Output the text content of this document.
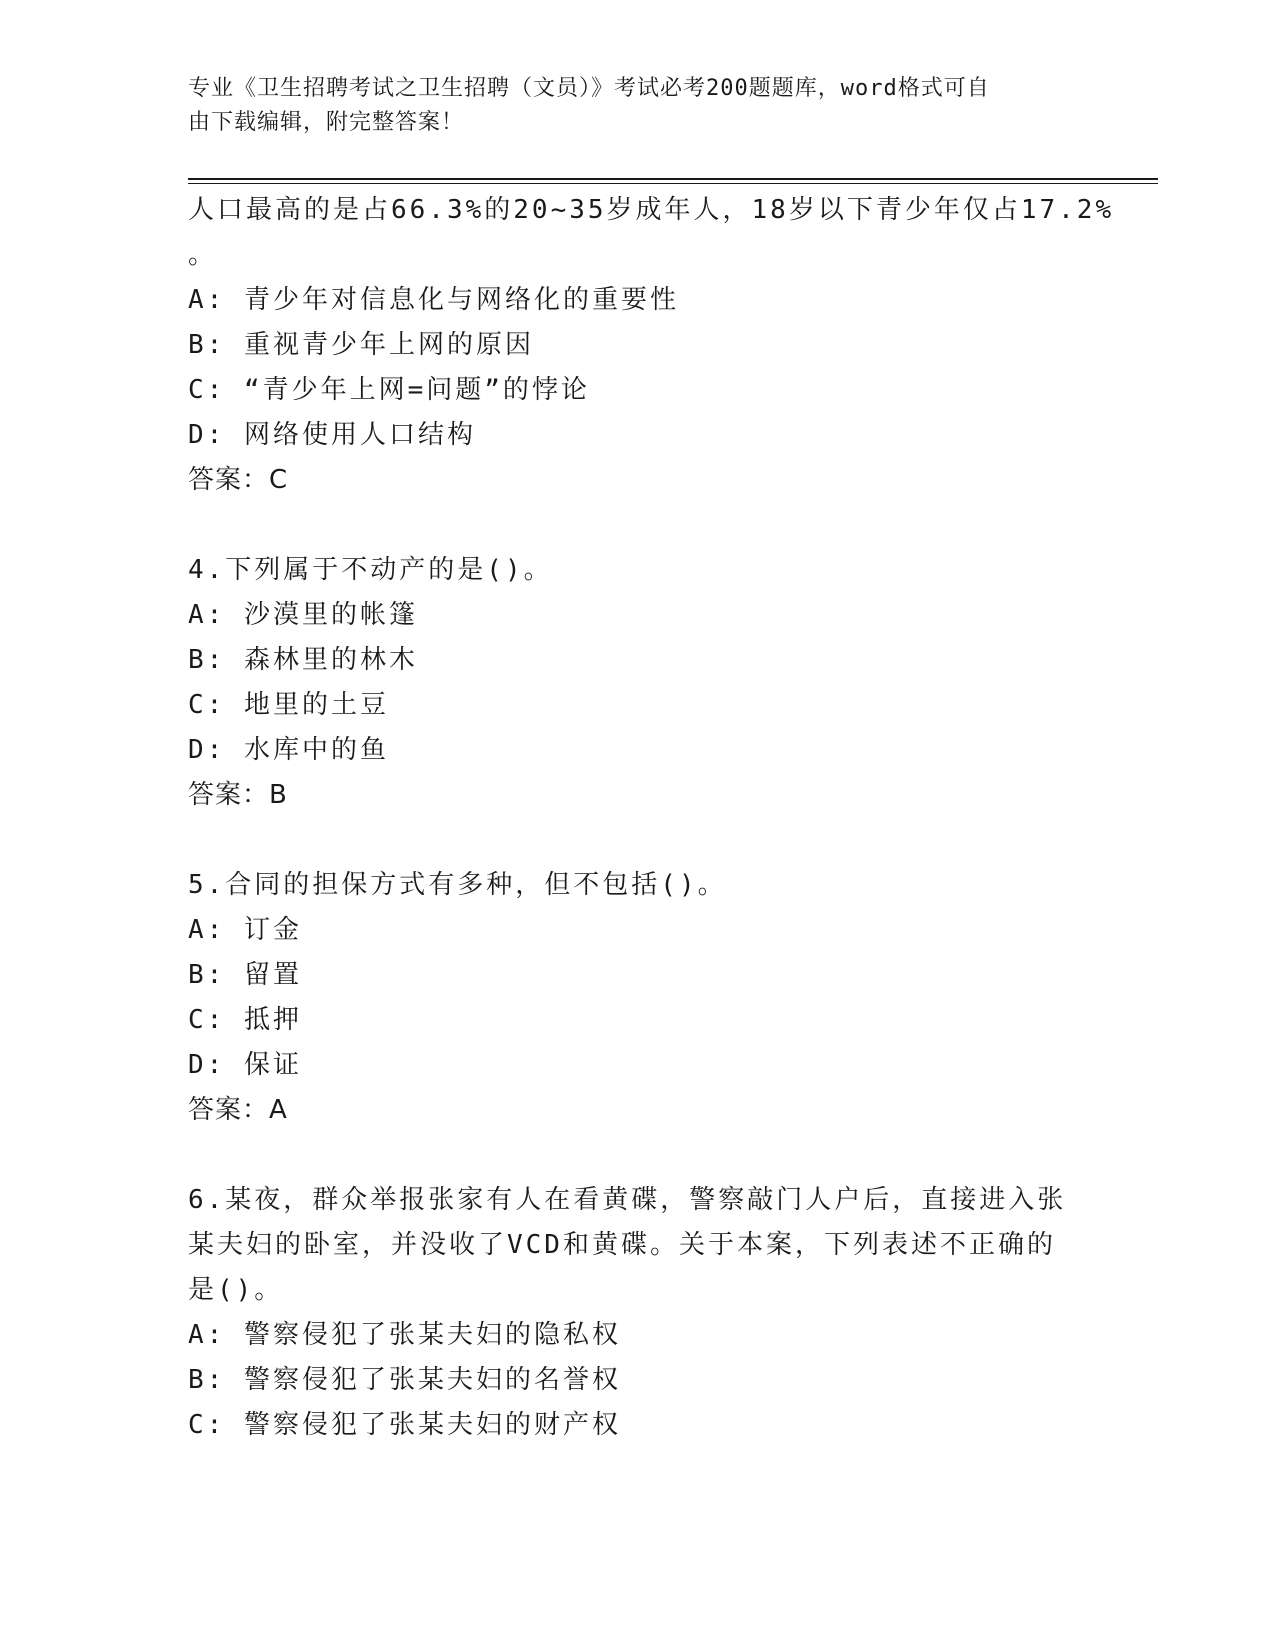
专业《卫生招聘考试之卫生招聘（文员）》考试必考200题题库，word格式可自
由下载编辑，附完整答案！
人口最高的是占66.3%的20~35岁成年人，18岁以下青少年仅占17.2%
。
A: 青少年对信息化与网络化的重要性
B: 重视青少年上网的原因
C: “青少年上网=问题”的悖论
D: 网络使用人口结构
答案：C
4.下列属于不动产的是()。
A: 沙漠里的帐篷
B: 森林里的林木
C: 地里的土豆
D: 水库中的鱼
答案：B
5.合同的担保方式有多种，但不包括()。
A: 订金
B: 留置
C: 抵押
D: 保证
答案：A
6.某夜，群众举报张家有人在看黄碟，警察敲门人户后，直接进入张
某夫妇的卧室，并没收了VCD和黄碟。关于本案，下列表述不正确的
是()。
A: 警察侵犯了张某夫妇的隐私权
B: 警察侵犯了张某夫妇的名誉权
C: 警察侵犯了张某夫妇的财产权
